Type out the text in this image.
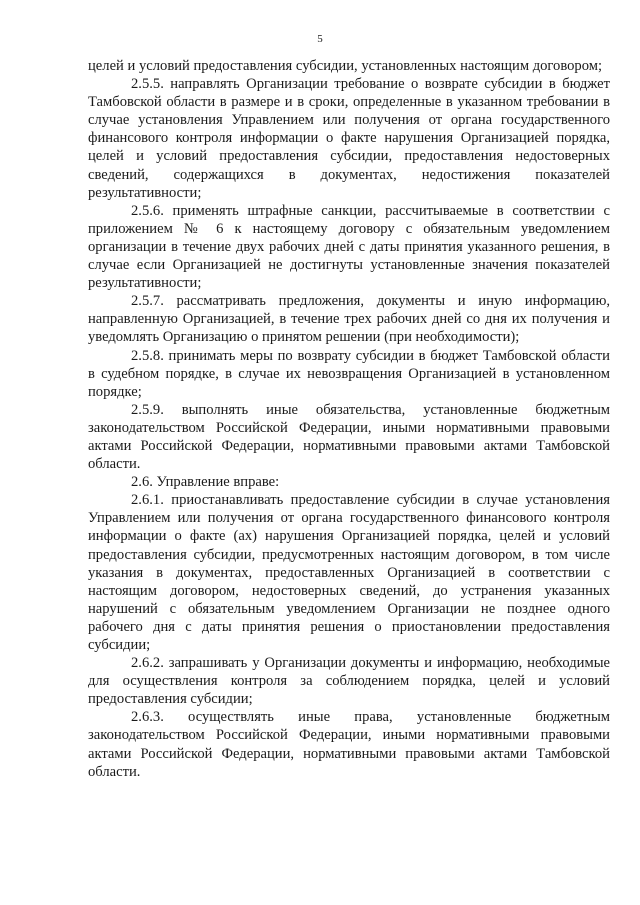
5

целей и условий предоставления субсидии, установленных настоящим договором;

2.5.5. направлять Организации требование о возврате субсидии в бюджет Тамбовской области в размере и в сроки, определенные в указанном требовании в случае установления Управлением или получения от органа государственного финансового контроля информации о факте нарушения Организацией порядка, целей и условий предоставления субсидии, предоставления недостоверных сведений, содержащихся в документах, недостижения показателей результативности;

2.5.6. применять штрафные санкции, рассчитываемые в соответствии с приложением № 6 к настоящему договору с обязательным уведомлением организации в течение двух рабочих дней с даты принятия указанного решения, в случае если Организацией не достигнуты установленные значения показателей результативности;

2.5.7. рассматривать предложения, документы и иную информацию, направленную Организацией, в течение трех рабочих дней со дня их получения и уведомлять Организацию о принятом решении (при необходимости);

2.5.8. принимать меры по возврату субсидии в бюджет Тамбовской области в судебном порядке, в случае их невозвращения Организацией в установленном порядке;

2.5.9. выполнять иные обязательства, установленные бюджетным законодательством Российской Федерации, иными нормативными правовыми актами Российской Федерации, нормативными правовыми актами Тамбовской области.

2.6. Управление вправе:

2.6.1. приостанавливать предоставление субсидии в случае установления Управлением или получения от органа государственного финансового контроля информации о факте (ах) нарушения Организацией порядка, целей и условий предоставления субсидии, предусмотренных настоящим договором, в том числе указания в документах, предоставленных Организацией в соответствии с настоящим договором, недостоверных сведений, до устранения указанных нарушений с обязательным уведомлением Организации не позднее одного рабочего дня с даты принятия решения о приостановлении предоставления субсидии;

2.6.2. запрашивать у Организации документы и информацию, необходимые для осуществления контроля за соблюдением порядка, целей и условий предоставления субсидии;

2.6.3. осуществлять иные права, установленные бюджетным законодательством Российской Федерации, иными нормативными правовыми актами Российской Федерации, нормативными правовыми актами Тамбовской области.
